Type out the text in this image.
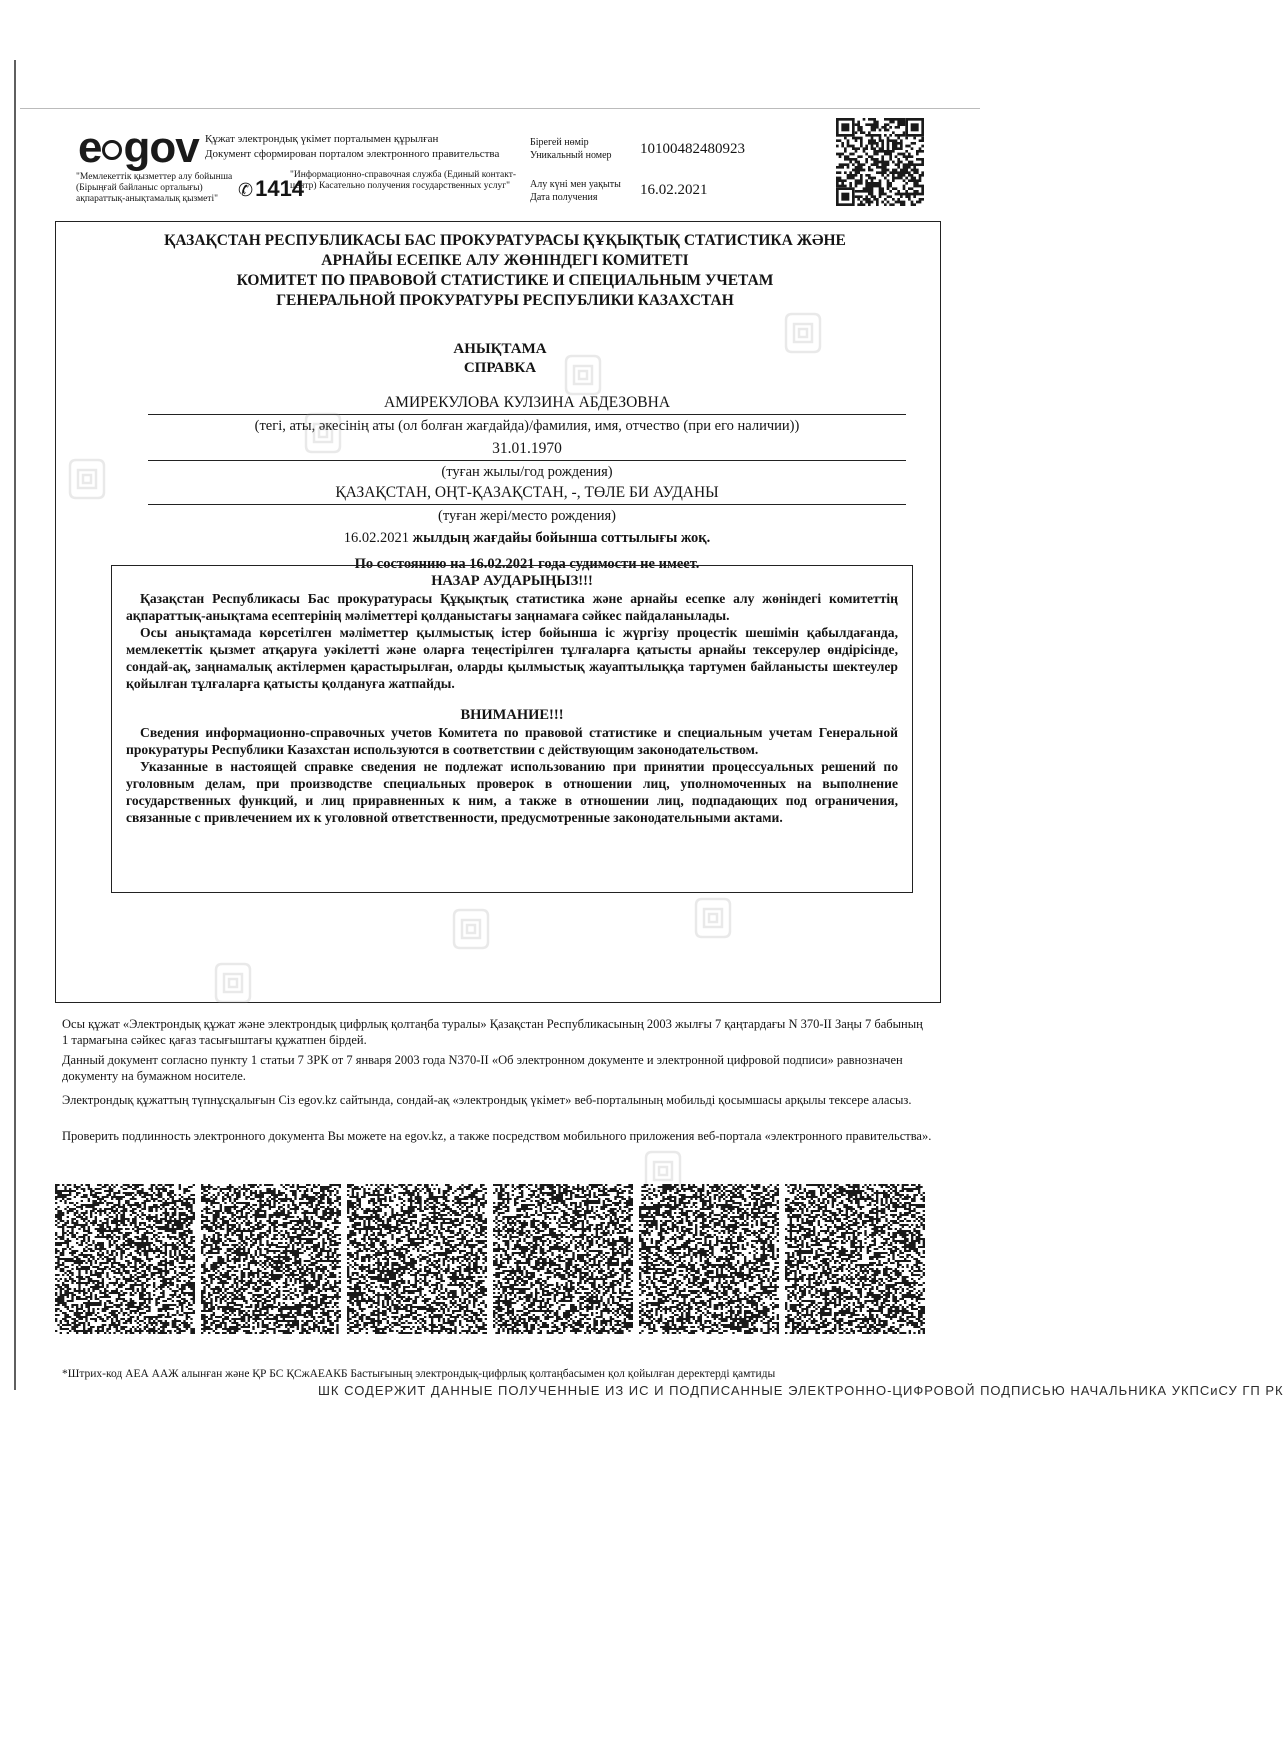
e gov Құжат электрондық үкімет порталымен құрылған
Документ сформирован порталом электронного правительства
"Мемлекеттік қызметтер алу бойынша (Бірыңғай байланыс орталығы) ақпараттық-анықтамалық қызметі"	✆1414
"Информационно-справочная служба (Единый контакт-центр) Касательно получения государственных услуг"
Бірегей нөмір
Уникальный номер	10100482480923
Алу күні мен уақыты
Дата получения	16.02.2021
ҚАЗАҚСТАН РЕСПУБЛИКАСЫ БАС ПРОКУРАТУРАСЫ ҚҰҚЫҚТЫҚ СТАТИСТИКА ЖӘНЕ
АРНАЙЫ ЕСЕПКЕ АЛУ ЖӨНІНДЕГІ КОМИТЕТІ
КОМИТЕТ ПО ПРАВОВОЙ СТАТИСТИКЕ И СПЕЦИАЛЬНЫМ УЧЕТАМ
ГЕНЕРАЛЬНОЙ ПРОКУРАТУРЫ РЕСПУБЛИКИ КАЗАХСТАН
АНЫҚТАМА
СПРАВКА
АМИРЕКУЛОВА КУЛЗИНА АБДЕЗОВНА
(тегі, аты, әкесінің аты (ол болған жағдайда)/фамилия, имя, отчество (при его наличии))
31.01.1970
(туған жылы/год рождения)
ҚАЗАҚСТАН, ОҢТ-ҚАЗАҚСТАН, -, ТӨЛЕ БИ АУДАНЫ
(туған жері/место рождения)
16.02.2021 жылдың жағдайы бойынша соттылығы жоқ.
По состоянию на 16.02.2021 года судимости не имеет.
НАЗАР АУДАРЫҢЫЗ!!!

Қазақстан Республикасы Бас прокуратурасы Құқықтық статистика және арнайы есепке алу жөніндегі комитеттің ақпараттық-анықтама есептерінің мәліметтері қолданыстағы заңнамаға сәйкес пайдаланылады.

Осы анықтамада көрсетілген мәліметтер қылмыстық істер бойынша іс жүргізу процестік шешімін қабылдағанда, мемлекеттік қызмет атқаруға уәкілетті және оларға теңестірілген тұлғаларға қатысты арнайы тексерулер өндірісінде, сондай-ақ, заңнамалық актілермен қарастырылған, оларды қылмыстық жауаптылыққа тартумен байланысты шектеулер қойылған тұлғаларға қатысты қолдануға жатпайды.

ВНИМАНИЕ!!!

Сведения информационно-справочных учетов Комитета по правовой статистике и специальным учетам Генеральной прокуратуры Республики Казахстан используются в соответствии с действующим законодательством.

Указанные в настоящей справке сведения не подлежат использованию при принятии процессуальных решений по уголовным делам, при производстве специальных проверок в отношении лиц, уполномоченных на выполнение государственных функций, и лиц приравненных к ним, а также в отношении лиц, подпадающих под ограничения, связанные с привлечением их к уголовной ответственности, предусмотренные законодательными актами.

Осы құжат «Электрондық құжат және электрондық цифрлық қолтаңба туралы» Қазақстан Республикасының 2003 жылғы 7 қаңтардағы N 370-II Заңы 7 бабының 1 тармағына сәйкес қағаз тасығыштағы құжатпен бірдей.
Данный документ согласно пункту 1 статьи 7 ЗРК от 7 января 2003 года N370-II «Об электронном документе и электронной цифровой подписи» равнозначен документу на бумажном носителе.
Электрондық құжаттың түпнұсқалығын Сіз egov.kz сайтында, сондай-ақ «электрондық үкімет» веб-порталының мобильді қосымшасы арқылы тексере аласыз.
Проверить подлинность электронного документа Вы можете на egov.kz, а также посредством мобильного приложения веб-портала «электронного правительства».
*Штрих-код АЕА ААЖ алынған және ҚР БС ҚСжАЕАКБ Бастығының электрондық-цифрлық қолтаңбасымен қол қойылған деректерді қамтиды
ШК СОДЕРЖИТ ДАННЫЕ ПОЛУЧЕННЫЕ ИЗ ИС И ПОДПИСАННЫЕ ЭЛЕКТРОННО-ЦИФРОВОЙ ПОДПИСЬЮ НАЧАЛЬНИКА УКПСиСУ ГП РК
